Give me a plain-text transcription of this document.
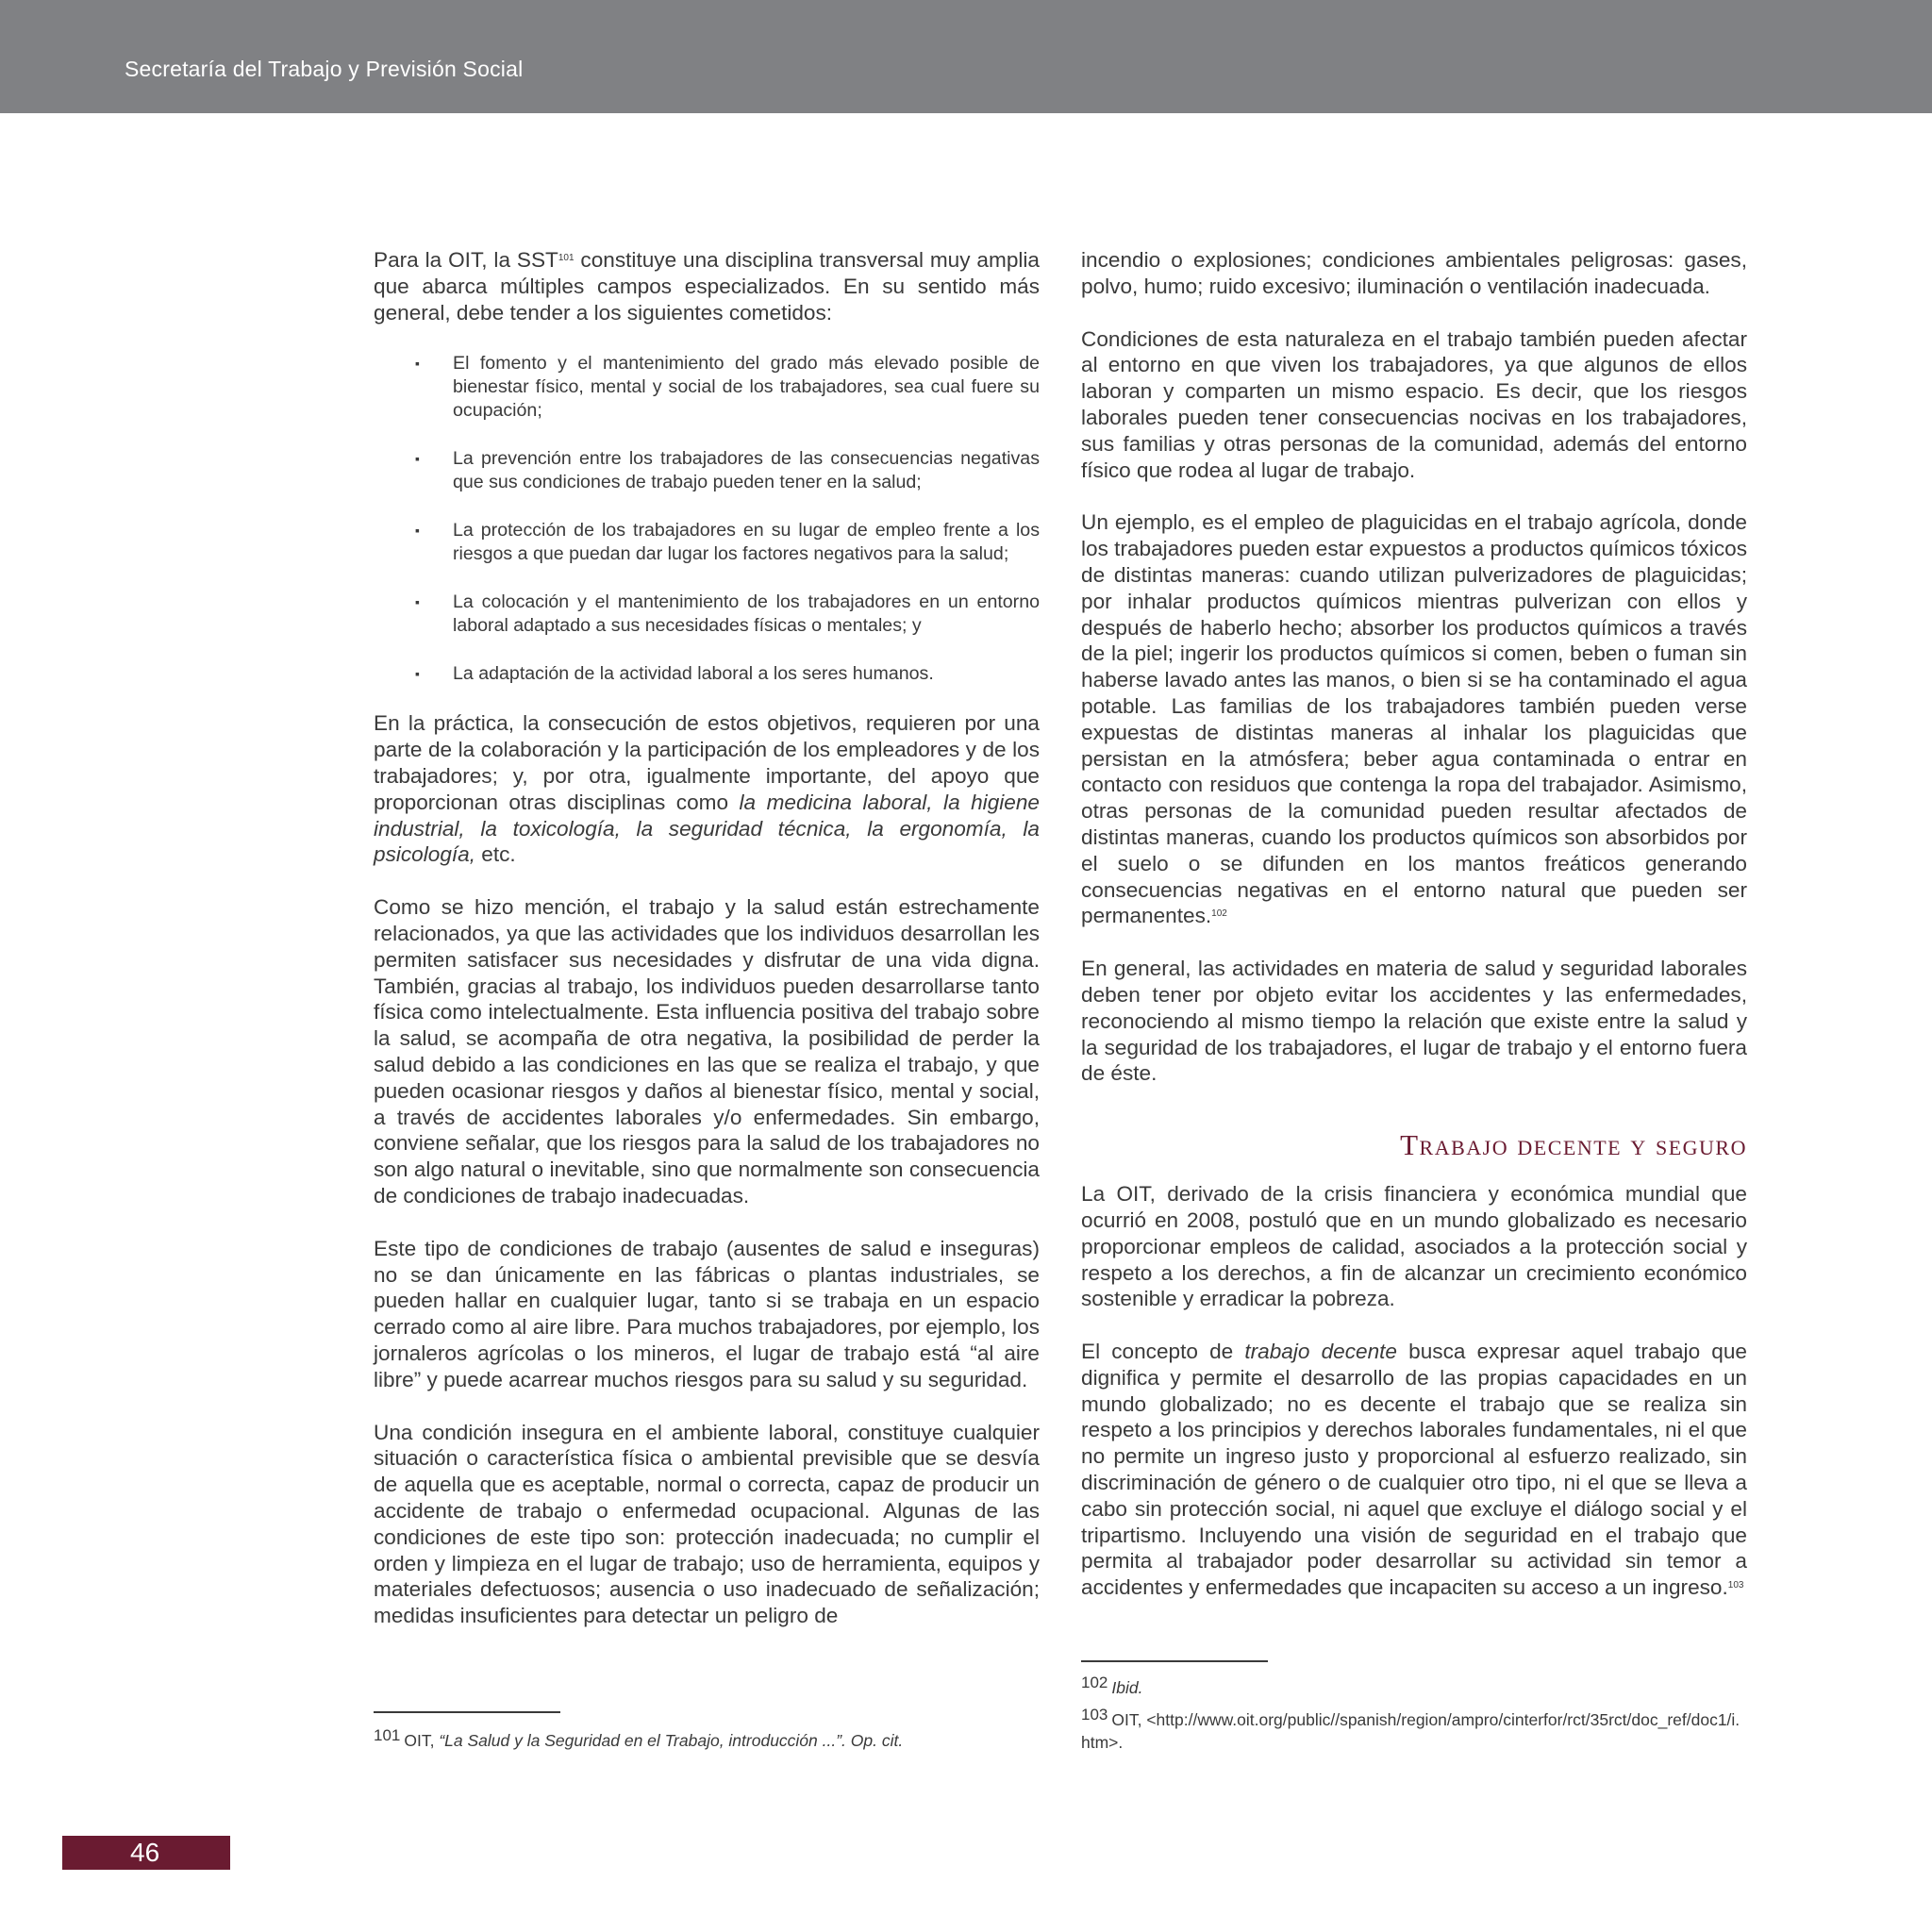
Secretaría del Trabajo y Previsión Social

Para la OIT, la SST$^{101}$ constituye una disciplina transversal muy amplia que abarca múltiples campos especializados. En su sentido más general, debe tender a los siguientes cometidos:

▪ El fomento y el mantenimiento del grado más elevado posible de bienestar físico, mental y social de los trabajadores, sea cual fuere su ocupación;
▪ La prevención entre los trabajadores de las consecuencias negativas que sus condiciones de trabajo pueden tener en la salud;
▪ La protección de los trabajadores en su lugar de empleo frente a los riesgos a que puedan dar lugar los factores negativos para la salud;
▪ La colocación y el mantenimiento de los trabajadores en un entorno laboral adaptado a sus necesidades físicas o mentales; y
▪ La adaptación de la actividad laboral a los seres humanos.

En la práctica, la consecución de estos objetivos, requieren por una parte de la colaboración y la participación de los empleadores y de los trabajadores; y, por otra, igualmente importante, del apoyo que proporcionan otras disciplinas como la medicina laboral, la higiene industrial, la toxicología, la seguridad técnica, la ergonomía, la psicología, etc.

Como se hizo mención, el trabajo y la salud están estrechamente relacionados, ya que las actividades que los individuos desarrollan les permiten satisfacer sus necesidades y disfrutar de una vida digna. También, gracias al trabajo, los individuos pueden desarrollarse tanto física como intelectualmente. Esta influencia positiva del trabajo sobre la salud, se acompaña de otra negativa, la posibilidad de perder la salud debido a las condiciones en las que se realiza el trabajo, y que pueden ocasionar riesgos y daños al bienestar físico, mental y social, a través de accidentes laborales y/o enfermedades. Sin embargo, conviene señalar, que los riesgos para la salud de los trabajadores no son algo natural o inevitable, sino que normalmente son consecuencia de condiciones de trabajo inadecuadas.

Este tipo de condiciones de trabajo (ausentes de salud e inseguras) no se dan únicamente en las fábricas o plantas industriales, se pueden hallar en cualquier lugar, tanto si se trabaja en un espacio cerrado como al aire libre. Para muchos trabajadores, por ejemplo, los jornaleros agrícolas o los mineros, el lugar de trabajo está “al aire libre” y puede acarrear muchos riesgos para su salud y su seguridad.

Una condición insegura en el ambiente laboral, constituye cualquier situación o característica física o ambiental previsible que se desvía de aquella que es aceptable, normal o correcta, capaz de producir un accidente de trabajo o enfermedad ocupacional. Algunas de las condiciones de este tipo son: protección inadecuada; no cumplir el orden y limpieza en el lugar de trabajo; uso de herramienta, equipos y materiales defectuosos; ausencia o uso inadecuado de señalización; medidas insuficientes para detectar un peligro de

incendio o explosiones; condiciones ambientales peligrosas: gases, polvo, humo; ruido excesivo; iluminación o ventilación inadecuada.

Condiciones de esta naturaleza en el trabajo también pueden afectar al entorno en que viven los trabajadores, ya que algunos de ellos laboran y comparten un mismo espacio. Es decir, que los riesgos laborales pueden tener consecuencias nocivas en los trabajadores, sus familias y otras personas de la comunidad, además del entorno físico que rodea al lugar de trabajo.

Un ejemplo, es el empleo de plaguicidas en el trabajo agrícola, donde los trabajadores pueden estar expuestos a productos químicos tóxicos de distintas maneras: cuando utilizan pulverizadores de plaguicidas; por inhalar productos químicos mientras pulverizan con ellos y después de haberlo hecho; absorber los productos químicos a través de la piel; ingerir los productos químicos si comen, beben o fuman sin haberse lavado antes las manos, o bien si se ha contaminado el agua potable. Las familias de los trabajadores también pueden verse expuestas de distintas maneras al inhalar los plaguicidas que persistan en la atmósfera; beber agua contaminada o entrar en contacto con residuos que contenga la ropa del trabajador. Asimismo, otras personas de la comunidad pueden resultar afectados de distintas maneras, cuando los productos químicos son absorbidos por el suelo o se difunden en los mantos freáticos generando consecuencias negativas en el entorno natural que pueden ser permanentes.$^{102}$

En general, las actividades en materia de salud y seguridad laborales deben tener por objeto evitar los accidentes y las enfermedades, reconociendo al mismo tiempo la relación que existe entre la salud y la seguridad de los trabajadores, el lugar de trabajo y el entorno fuera de éste.

Trabajo decente y seguro

La OIT, derivado de la crisis financiera y económica mundial que ocurrió en 2008, postuló que en un mundo globalizado es necesario proporcionar empleos de calidad, asociados a la protección social y respeto a los derechos, a fin de alcanzar un crecimiento económico sostenible y erradicar la pobreza.

El concepto de trabajo decente busca expresar aquel trabajo que dignifica y permite el desarrollo de las propias capacidades en un mundo globalizado; no es decente el trabajo que se realiza sin respeto a los principios y derechos laborales fundamentales, ni el que no permite un ingreso justo y proporcional al esfuerzo realizado, sin discriminación de género o de cualquier otro tipo, ni el que se lleva a cabo sin protección social, ni aquel que excluye el diálogo social y el tripartismo. Incluyendo una visión de seguridad en el trabajo que permita al trabajador poder desarrollar su actividad sin temor a accidentes y enfermedades que incapaciten su acceso a un ingreso.$^{103}$

101 OIT, “La Salud y la Seguridad en el Trabajo, introducción ...”. Op. cit.
102 Ibid.
103 OIT, <http://www.oit.org/public//spanish/region/ampro/cinterfor/rct/35rct/doc_ref/doc1/i.htm>.
46
